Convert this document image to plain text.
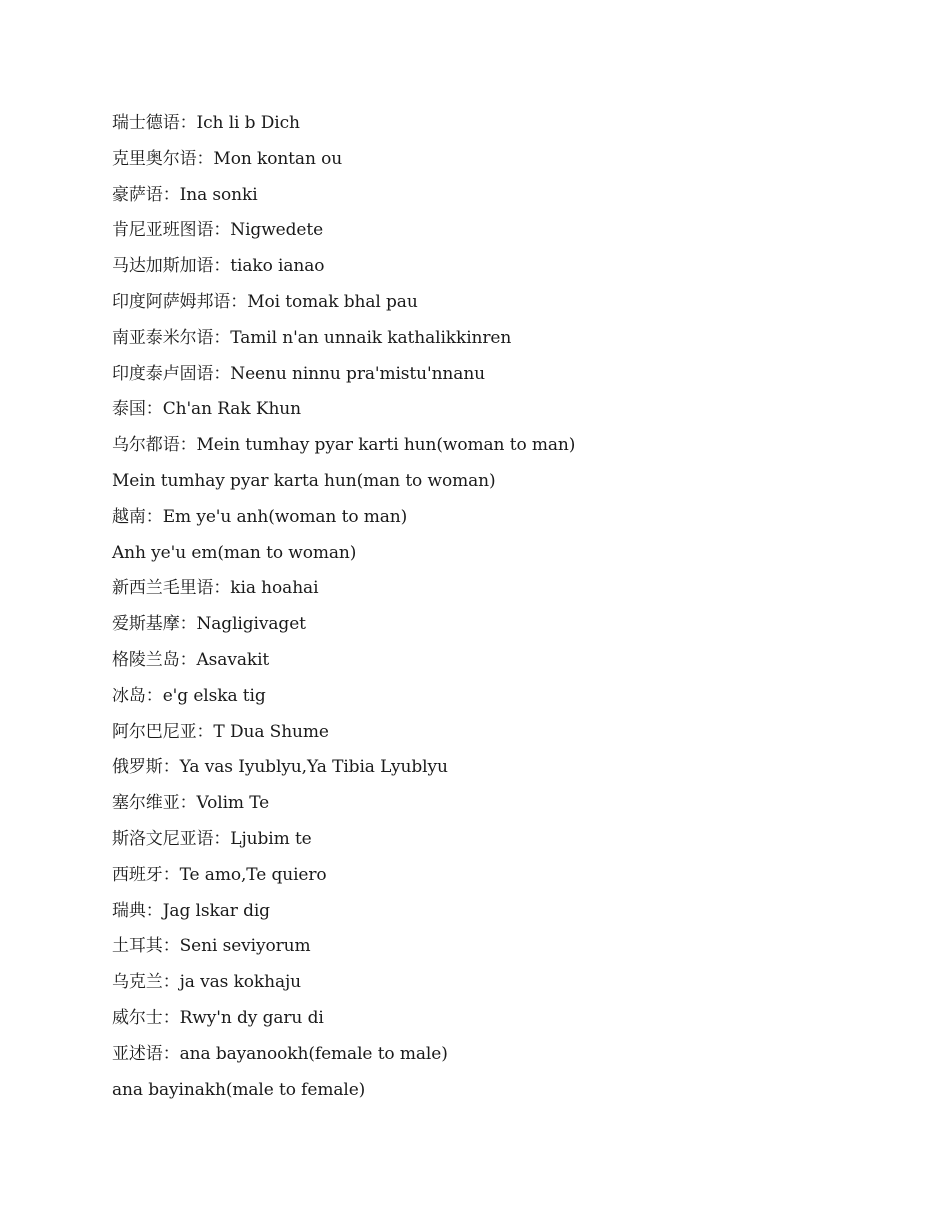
瑞士德语：Ich li b Dich
克里奥尔语：Mon kontan ou
豪萨语：Ina sonki
肯尼亚班图语：Nigwedete
马达加斯加语：tiako ianao
印度阿萨姆邦语：Moi tomak bhal pau
南亚泰米尔语：Tamil n'an unnaik kathalikkinren
印度泰卢固语：Neenu ninnu pra'mistu'nnanu
泰国：Ch'an Rak Khun
乌尔都语：Mein tumhay pyar karti hun(woman to man)
Mein tumhay pyar karta hun(man to woman)
越南：Em ye'u anh(woman to man)
Anh ye'u em(man to woman)
新西兰毛里语：kia hoahai
爱斯基摩：Nagligivaget
格陵兰岛：Asavakit
冰岛：e'g elska tig
阿尔巴尼亚：T Dua Shume
俄罗斯：Ya vas Iyublyu,Ya Tibia Lyublyu
塞尔维亚：Volim Te
斯洛文尼亚语：Ljubim te
西班牙：Te amo,Te quiero
瑞典：Jag lskar dig
土耳其：Seni seviyorum
乌克兰：ja vas kokhaju
威尔士：Rwy'n dy garu di
亚述语：ana bayanookh(female to male)
ana bayinakh(male to female)
